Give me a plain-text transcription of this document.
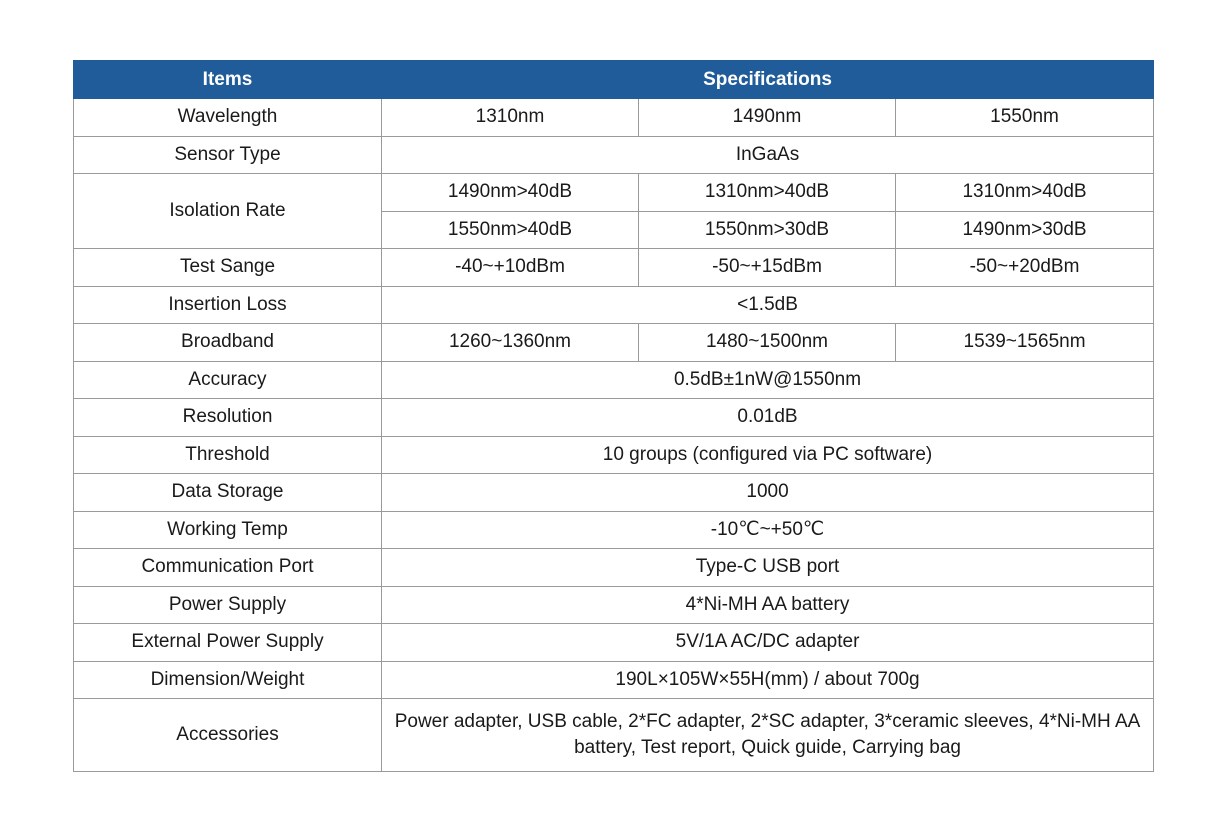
Items	Specifications		
Wavelength	1310nm	1490nm	1550nm
Sensor Type	InGaAs		
Isolation Rate	1490nm>40dB	1310nm>40dB	1310nm>40dB
	1550nm>40dB	1550nm>30dB	1490nm>30dB
Test Sange	-40~+10dBm	-50~+15dBm	-50~+20dBm
Insertion Loss	<1.5dB		
Broadband	1260~1360nm	1480~1500nm	1539~1565nm
Accuracy	0.5dB±1nW@1550nm		
Resolution	0.01dB		
Threshold	10 groups (configured via PC software)		
Data Storage	1000		
Working Temp	-10℃~+50℃		
Communication Port	Type-C USB port		
Power Supply	4*Ni-MH AA battery		
External Power Supply	5V/1A AC/DC adapter		
Dimension/Weight	190L×105W×55H(mm) / about 700g		
Accessories	Power adapter, USB cable, 2*FC adapter, 2*SC adapter, 3*ceramic sleeves, 4*Ni-MH AA battery, Test report, Quick guide, Carrying bag		
